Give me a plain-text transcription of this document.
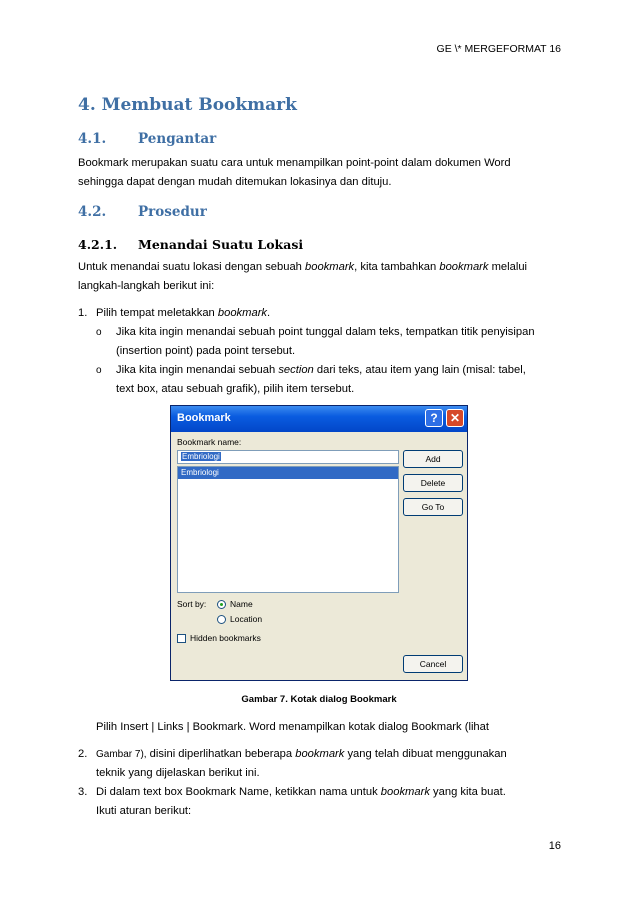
GE \* MERGEFORMAT 16
4. Membuat Bookmark
4.1. Pengantar
Bookmark merupakan suatu cara untuk menampilkan point-point dalam dokumen Word
sehingga dapat dengan mudah ditemukan lokasinya dan dituju.
4.2. Prosedur
4.2.1. Menandai Suatu Lokasi
Untuk menandai suatu lokasi dengan sebuah bookmark, kita tambahkan bookmark melalui
langkah-langkah berikut ini:
1. Pilih tempat meletakkan bookmark.
o Jika kita ingin menandai sebuah point tunggal dalam teks, tempatkan titik penyisipan
(insertion point) pada point tersebut.
o Jika kita ingin menandai sebuah section dari teks, atau item yang lain (misal: tabel,
text box, atau sebuah grafik), pilih item tersebut.
Bookmark	?	✕
Bookmark name:
Embriologi
Embriologi
Add
Delete
Go To
Sort by:	Name
Location
Hidden bookmarks
Cancel
Gambar 7. Kotak dialog Bookmark
Pilih Insert | Links | Bookmark. Word menampilkan kotak dialog Bookmark (lihat
2. Gambar 7), disini diperlihatkan beberapa bookmark yang telah dibuat menggunakan
teknik yang dijelaskan berikut ini.
3. Di dalam text box Bookmark Name, ketikkan nama untuk bookmark yang kita buat.
Ikuti aturan berikut:
16
